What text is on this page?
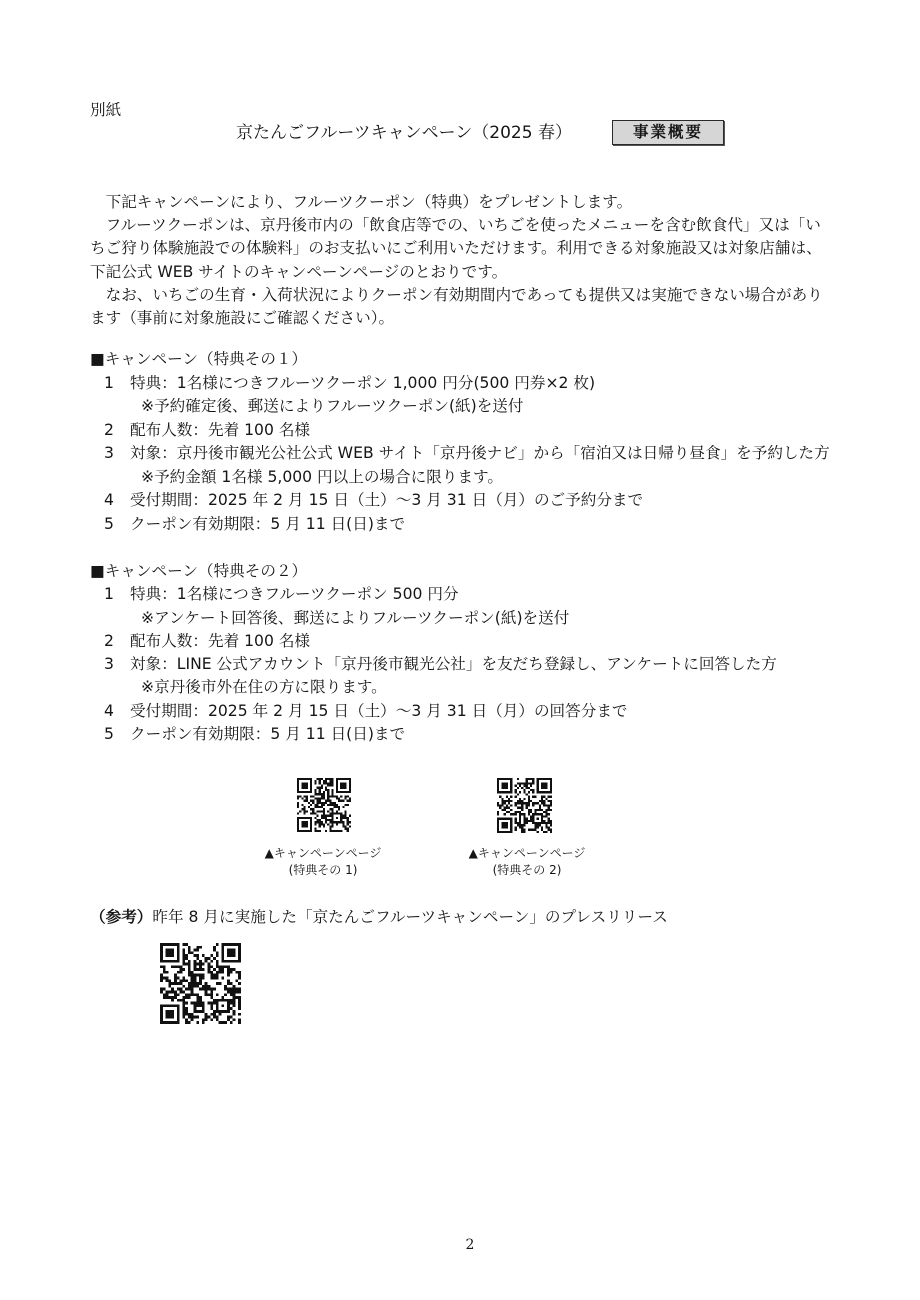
別紙
京たんごフルーツキャンペーン（2025 春）	事業概要
下記キャンペーンにより、フルーツクーポン（特典）をプレゼントします。
フルーツクーポンは、京丹後市内の「飲食店等での、いちごを使ったメニューを含む飲食代」又は「い
ちご狩り体験施設での体験料」のお支払いにご利用いただけます。利用できる対象施設又は対象店舗は、
下記公式 WEB サイトのキャンペーンページのとおりです。
なお、いちごの生育・入荷状況によりクーポン有効期間内であっても提供又は実施できない場合があり
ます（事前に対象施設にご確認ください）。
■キャンペーン（特典その１）
1 特典：1名様につきフルーツクーポン 1,000 円分(500 円券×2 枚)
※予約確定後、郵送によりフルーツクーポン(紙)を送付
2 配布人数：先着 100 名様
3 対象：京丹後市観光公社公式 WEB サイト「京丹後ナビ」から「宿泊又は日帰り昼食」を予約した方
※予約金額 1名様 5,000 円以上の場合に限ります。
4 受付期間：2025 年 2 月 15 日（土）～3 月 31 日（月）のご予約分まで
5 クーポン有効期限：5 月 11 日(日)まで
■キャンペーン（特典その２）
1 特典：1名様につきフルーツクーポン 500 円分
※アンケート回答後、郵送によりフルーツクーポン(紙)を送付
2 配布人数：先着 100 名様
3 対象：LINE 公式アカウント「京丹後市観光公社」を友だち登録し、アンケートに回答した方
※京丹後市外在住の方に限ります。
4 受付期間：2025 年 2 月 15 日（土）～3 月 31 日（月）の回答分まで
5 クーポン有効期限：5 月 11 日(日)まで
▲キャンペーンページ
(特典その 1)
▲キャンペーンページ
(特典その 2)
（参考）昨年 8 月に実施した「京たんごフルーツキャンペーン」のプレスリリース
2
